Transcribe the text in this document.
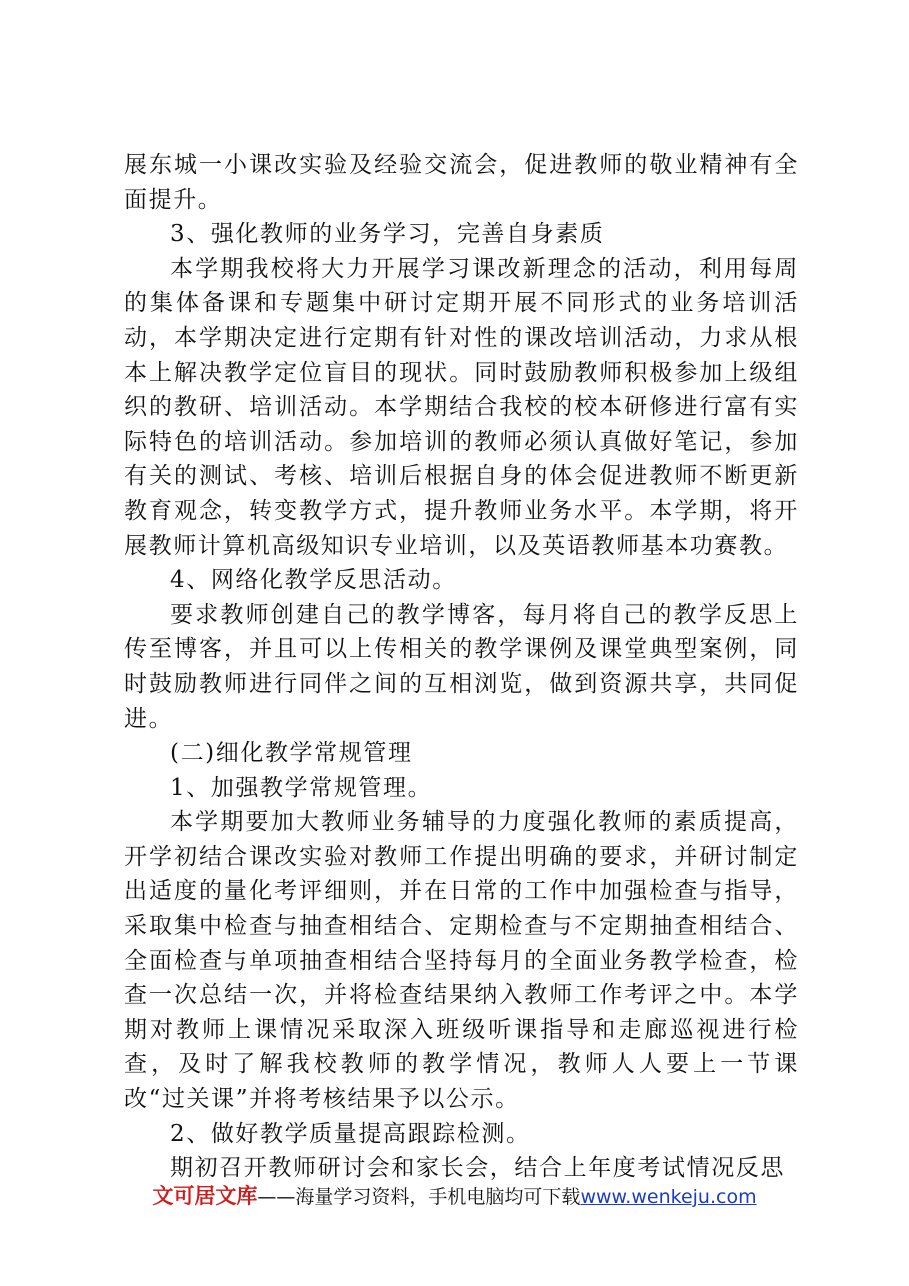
展东城一小课改实验及经验交流会，促进教师的敬业精神有全面提升。

3、强化教师的业务学习，完善自身素质

本学期我校将大力开展学习课改新理念的活动，利用每周的集体备课和专题集中研讨定期开展不同形式的业务培训活动，本学期决定进行定期有针对性的课改培训活动，力求从根本上解决教学定位盲目的现状。同时鼓励教师积极参加上级组织的教研、培训活动。本学期结合我校的校本研修进行富有实际特色的培训活动。参加培训的教师必须认真做好笔记，参加有关的测试、考核、培训后根据自身的体会促进教师不断更新教育观念，转变教学方式，提升教师业务水平。本学期，将开展教师计算机高级知识专业培训，以及英语教师基本功赛教。

4、网络化教学反思活动。

要求教师创建自己的教学博客，每月将自己的教学反思上传至博客，并且可以上传相关的教学课例及课堂典型案例，同时鼓励教师进行同伴之间的互相浏览，做到资源共享，共同促进。

(二)细化教学常规管理

1、加强教学常规管理。

本学期要加大教师业务辅导的力度强化教师的素质提高，开学初结合课改实验对教师工作提出明确的要求，并研讨制定出适度的量化考评细则，并在日常的工作中加强检查与指导，采取集中检查与抽查相结合、定期检查与不定期抽查相结合、全面检查与单项抽查相结合坚持每月的全面业务教学检查，检查一次总结一次，并将检查结果纳入教师工作考评之中。本学期对教师上课情况采取深入班级听课指导和走廊巡视进行检查，及时了解我校教师的教学情况，教师人人要上一节课改“过关课”并将考核结果予以公示。

2、做好教学质量提高跟踪检测。

期初召开教师研讨会和家长会，结合上年度考试情况反思

文可居文库——海量学习资料，手机电脑均可下载www.wenkeju.com
